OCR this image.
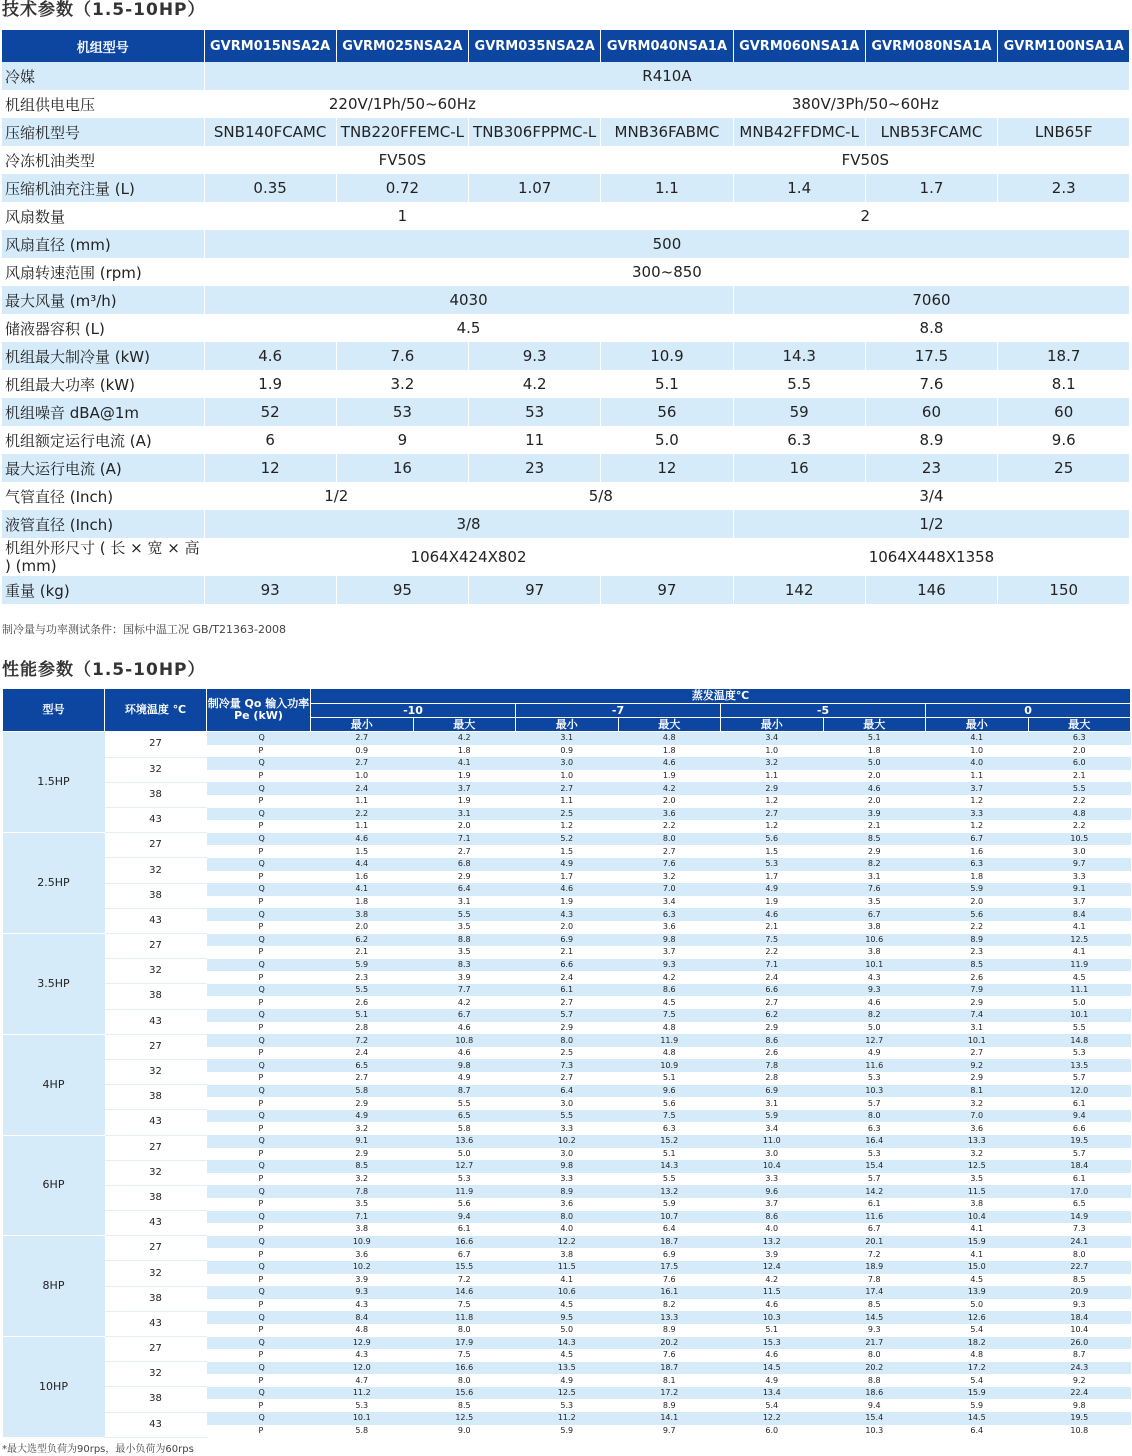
技术参数（1.5-10HP）
机组型号	GVRM015NSA2A	GVRM025NSA2A	GVRM035NSA2A	GVRM040NSA1A	GVRM060NSA1A	GVRM080NSA1A	GVRM100NSA1A
冷媒	R410A						
机组供电电压	220V/1Ph/50~60Hz			380V/3Ph/50~60Hz			
压缩机型号	SNB140FCAMC	TNB220FFEMC-L	TNB306FPPMC-L	MNB36FABMC	MNB42FFDMC-L	LNB53FCAMC	LNB65F
冷冻机油类型	FV50S			FV50S			
压缩机油充注量 (L)	0.35	0.72	1.07	1.1	1.4	1.7	2.3
风扇数量	1			2			
风扇直径 (mm)	500						
风扇转速范围 (rpm)	300~850						
最大风量 (m³/h)	4030				7060		
储液器容积 (L)	4.5				8.8		
机组最大制冷量 (kW)	4.6	7.6	9.3	10.9	14.3	17.5	18.7
机组最大功率 (kW)	1.9	3.2	4.2	5.1	5.5	7.6	8.1
机组噪音 dBA@1m	52	53	53	56	59	60	60
机组额定运行电流 (A)	6	9	11	5.0	6.3	8.9	9.6
最大运行电流 (A)	12	16	23	12	16	23	25
气管直径 (Inch)	1/2		5/8		3/4		
液管直径 (Inch)	3/8				1/2		
机组外形尺寸 ( 长 × 宽 × 高 ) (mm)	1064X424X802				1064X448X1358		
重量 (kg)	93	95	97	97	142	146	150
制冷量与功率测试条件：国标中温工况 GB/T21363-2008
性能参数（1.5-10HP）
型号	环境温度 ℃	制冷量 Qo 输入功率 Pe (kW)	蒸发温度℃							
			-10		-7		-5		0	
			最小	最大	最小	最大	最小	最大	最小	最大
1.5HP	27	Q	2.7	4.2	3.1	4.8	3.4	5.1	4.1	6.3
		P	0.9	1.8	0.9	1.8	1.0	1.8	1.0	2.0
	32	Q	2.7	4.1	3.0	4.6	3.2	5.0	4.0	6.0
		P	1.0	1.9	1.0	1.9	1.1	2.0	1.1	2.1
	38	Q	2.4	3.7	2.7	4.2	2.9	4.6	3.7	5.5
		P	1.1	1.9	1.1	2.0	1.2	2.0	1.2	2.2
	43	Q	2.2	3.1	2.5	3.6	2.7	3.9	3.3	4.8
		P	1.1	2.0	1.2	2.2	1.2	2.1	1.2	2.2
2.5HP	27	Q	4.6	7.1	5.2	8.0	5.6	8.5	6.7	10.5
		P	1.5	2.7	1.5	2.7	1.5	2.9	1.6	3.0
	32	Q	4.4	6.8	4.9	7.6	5.3	8.2	6.3	9.7
		P	1.6	2.9	1.7	3.2	1.7	3.1	1.8	3.3
	38	Q	4.1	6.4	4.6	7.0	4.9	7.6	5.9	9.1
		P	1.8	3.1	1.9	3.4	1.9	3.5	2.0	3.7
	43	Q	3.8	5.5	4.3	6.3	4.6	6.7	5.6	8.4
		P	2.0	3.5	2.0	3.6	2.1	3.8	2.2	4.1
3.5HP	27	Q	6.2	8.8	6.9	9.8	7.5	10.6	8.9	12.5
		P	2.1	3.5	2.1	3.7	2.2	3.8	2.3	4.1
	32	Q	5.9	8.3	6.6	9.3	7.1	10.1	8.5	11.9
		P	2.3	3.9	2.4	4.2	2.4	4.3	2.6	4.5
	38	Q	5.5	7.7	6.1	8.6	6.6	9.3	7.9	11.1
		P	2.6	4.2	2.7	4.5	2.7	4.6	2.9	5.0
	43	Q	5.1	6.7	5.7	7.5	6.2	8.2	7.4	10.1
		P	2.8	4.6	2.9	4.8	2.9	5.0	3.1	5.5
4HP	27	Q	7.2	10.8	8.0	11.9	8.6	12.7	10.1	14.8
		P	2.4	4.6	2.5	4.8	2.6	4.9	2.7	5.3
	32	Q	6.5	9.8	7.3	10.9	7.8	11.6	9.2	13.5
		P	2.7	4.9	2.7	5.1	2.8	5.3	2.9	5.7
	38	Q	5.8	8.7	6.4	9.6	6.9	10.3	8.1	12.0
		P	2.9	5.5	3.0	5.6	3.1	5.7	3.2	6.1
	43	Q	4.9	6.5	5.5	7.5	5.9	8.0	7.0	9.4
		P	3.2	5.8	3.3	6.3	3.4	6.3	3.6	6.6
6HP	27	Q	9.1	13.6	10.2	15.2	11.0	16.4	13.3	19.5
		P	2.9	5.0	3.0	5.1	3.0	5.3	3.2	5.7
	32	Q	8.5	12.7	9.8	14.3	10.4	15.4	12.5	18.4
		P	3.2	5.3	3.3	5.5	3.3	5.7	3.5	6.1
	38	Q	7.8	11.9	8.9	13.2	9.6	14.2	11.5	17.0
		P	3.5	5.6	3.6	5.9	3.7	6.1	3.8	6.5
	43	Q	7.1	9.4	8.0	10.7	8.6	11.6	10.4	14.9
		P	3.8	6.1	4.0	6.4	4.0	6.7	4.1	7.3
8HP	27	Q	10.9	16.6	12.2	18.7	13.2	20.1	15.9	24.1
		P	3.6	6.7	3.8	6.9	3.9	7.2	4.1	8.0
	32	Q	10.2	15.5	11.5	17.5	12.4	18.9	15.0	22.7
		P	3.9	7.2	4.1	7.6	4.2	7.8	4.5	8.5
	38	Q	9.3	14.6	10.6	16.1	11.5	17.4	13.9	20.9
		P	4.3	7.5	4.5	8.2	4.6	8.5	5.0	9.3
	43	Q	8.4	11.8	9.5	13.3	10.3	14.5	12.6	18.4
		P	4.8	8.0	5.0	8.9	5.1	9.3	5.4	10.4
10HP	27	Q	12.9	17.9	14.3	20.2	15.3	21.7	18.2	26.0
		P	4.3	7.5	4.5	7.6	4.6	8.0	4.8	8.7
	32	Q	12.0	16.6	13.5	18.7	14.5	20.2	17.2	24.3
		P	4.7	8.0	4.9	8.1	4.9	8.8	5.4	9.2
	38	Q	11.2	15.6	12.5	17.2	13.4	18.6	15.9	22.4
		P	5.3	8.5	5.3	8.9	5.4	9.4	5.9	9.8
	43	Q	10.1	12.5	11.2	14.1	12.2	15.4	14.5	19.5
		P	5.8	9.0	5.9	9.7	6.0	10.3	6.4	10.8
*最大选型负荷为90rps，最小负荷为60rps
